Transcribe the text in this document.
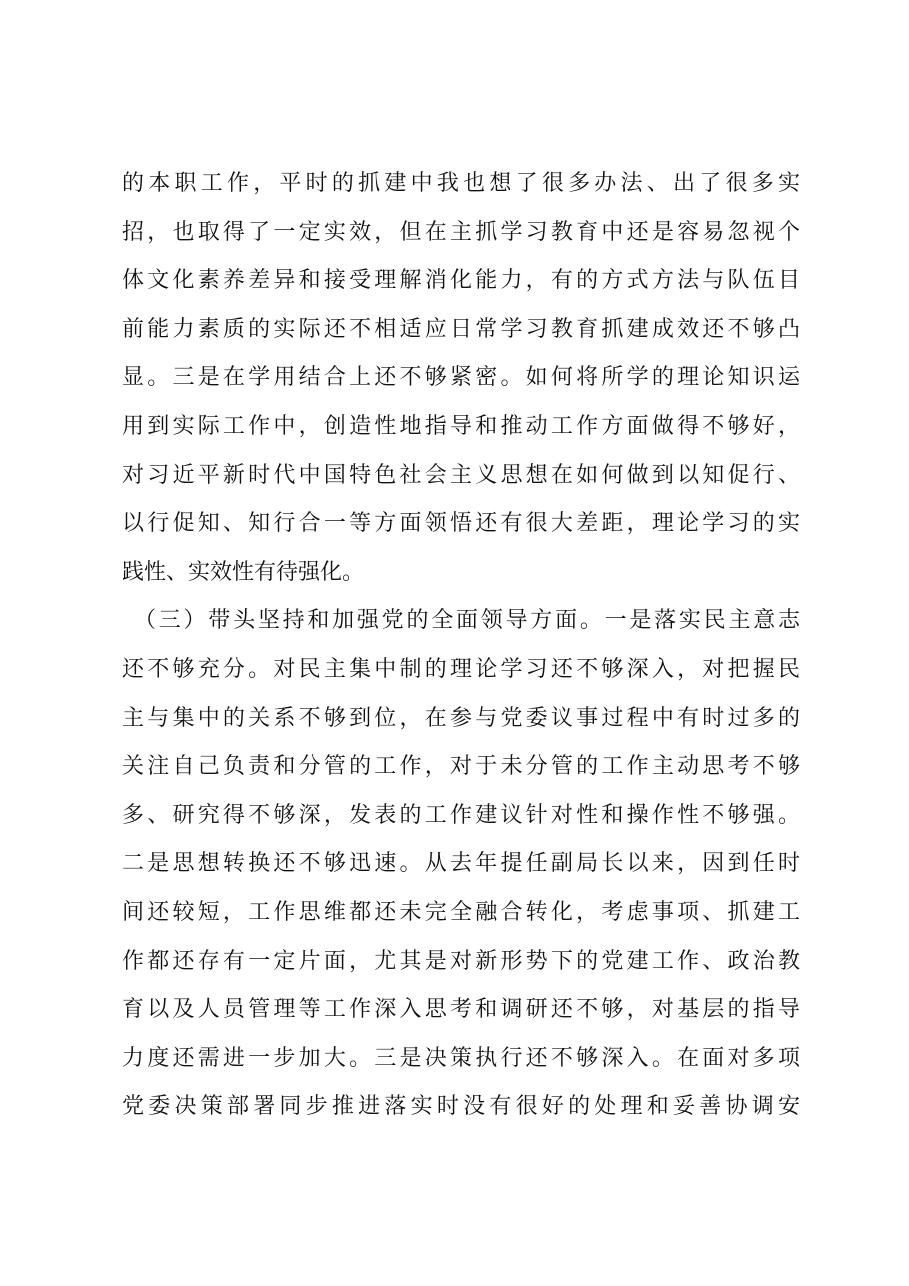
的本职工作，平时的抓建中我也想了很多办法、出了很多实
招，也取得了一定实效，但在主抓学习教育中还是容易忽视个
体文化素养差异和接受理解消化能力，有的方式方法与队伍目
前能力素质的实际还不相适应日常学习教育抓建成效还不够凸
显。三是在学用结合上还不够紧密。如何将所学的理论知识运
用到实际工作中，创造性地指导和推动工作方面做得不够好，
对习近平新时代中国特色社会主义思想在如何做到以知促行、
以行促知、知行合一等方面领悟还有很大差距，理论学习的实
践性、实效性有待强化。
（三）带头坚持和加强党的全面领导方面。一是落实民主意志
还不够充分。对民主集中制的理论学习还不够深入，对把握民
主与集中的关系不够到位，在参与党委议事过程中有时过多的
关注自己负责和分管的工作，对于未分管的工作主动思考不够
多、研究得不够深，发表的工作建议针对性和操作性不够强。
二是思想转换还不够迅速。从去年提任副局长以来，因到任时
间还较短，工作思维都还未完全融合转化，考虑事项、抓建工
作都还存有一定片面，尤其是对新形势下的党建工作、政治教
育以及人员管理等工作深入思考和调研还不够，对基层的指导
力度还需进一步加大。三是决策执行还不够深入。在面对多项
党委决策部署同步推进落实时没有很好的处理和妥善协调安
